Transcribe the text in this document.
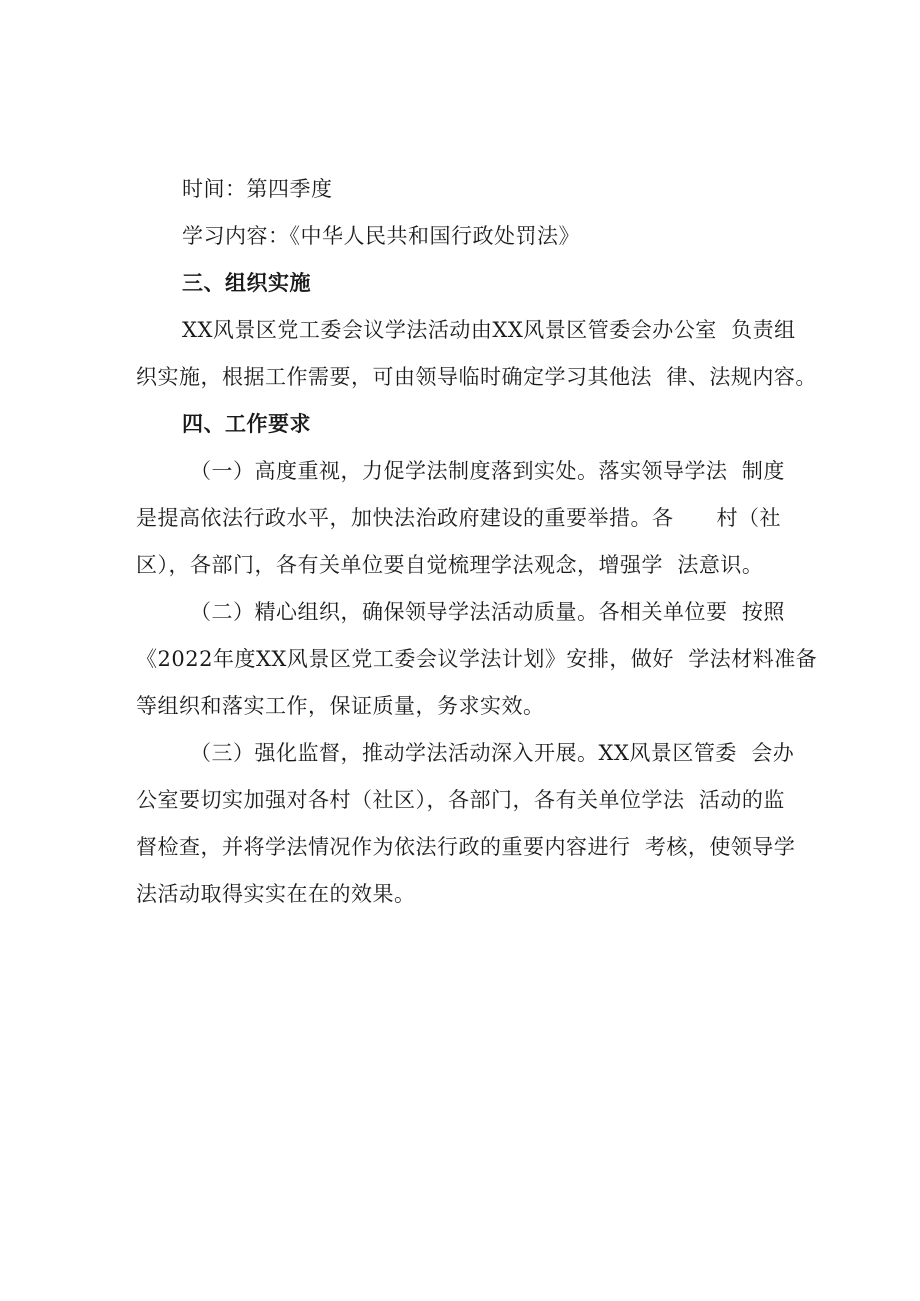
时间：第四季度
学习内容：《中华人民共和国行政处罚法》
三、组织实施
XX风景区党工委会议学法活动由XX风景区管委会办公室  负责组
织实施，根据工作需要，可由领导临时确定学习其他法  律、法规内容。
四、工作要求
（一）高度重视，力促学法制度落到实处。落实领导学法  制度
是提高依法行政水平，加快法治政府建设的重要举措。各      村（社
区），各部门，各有关单位要自觉梳理学法观念，增强学  法意识。
（二）精心组织，确保领导学法活动质量。各相关单位要  按照
《2022年度XX风景区党工委会议学法计划》安排，做好  学法材料准备
等组织和落实工作，保证质量，务求实效。
（三）强化监督，推动学法活动深入开展。XX风景区管委  会办
公室要切实加强对各村（社区），各部门，各有关单位学法  活动的监
督检查，并将学法情况作为依法行政的重要内容进行  考核，使领导学
法活动取得实实在在的效果。
